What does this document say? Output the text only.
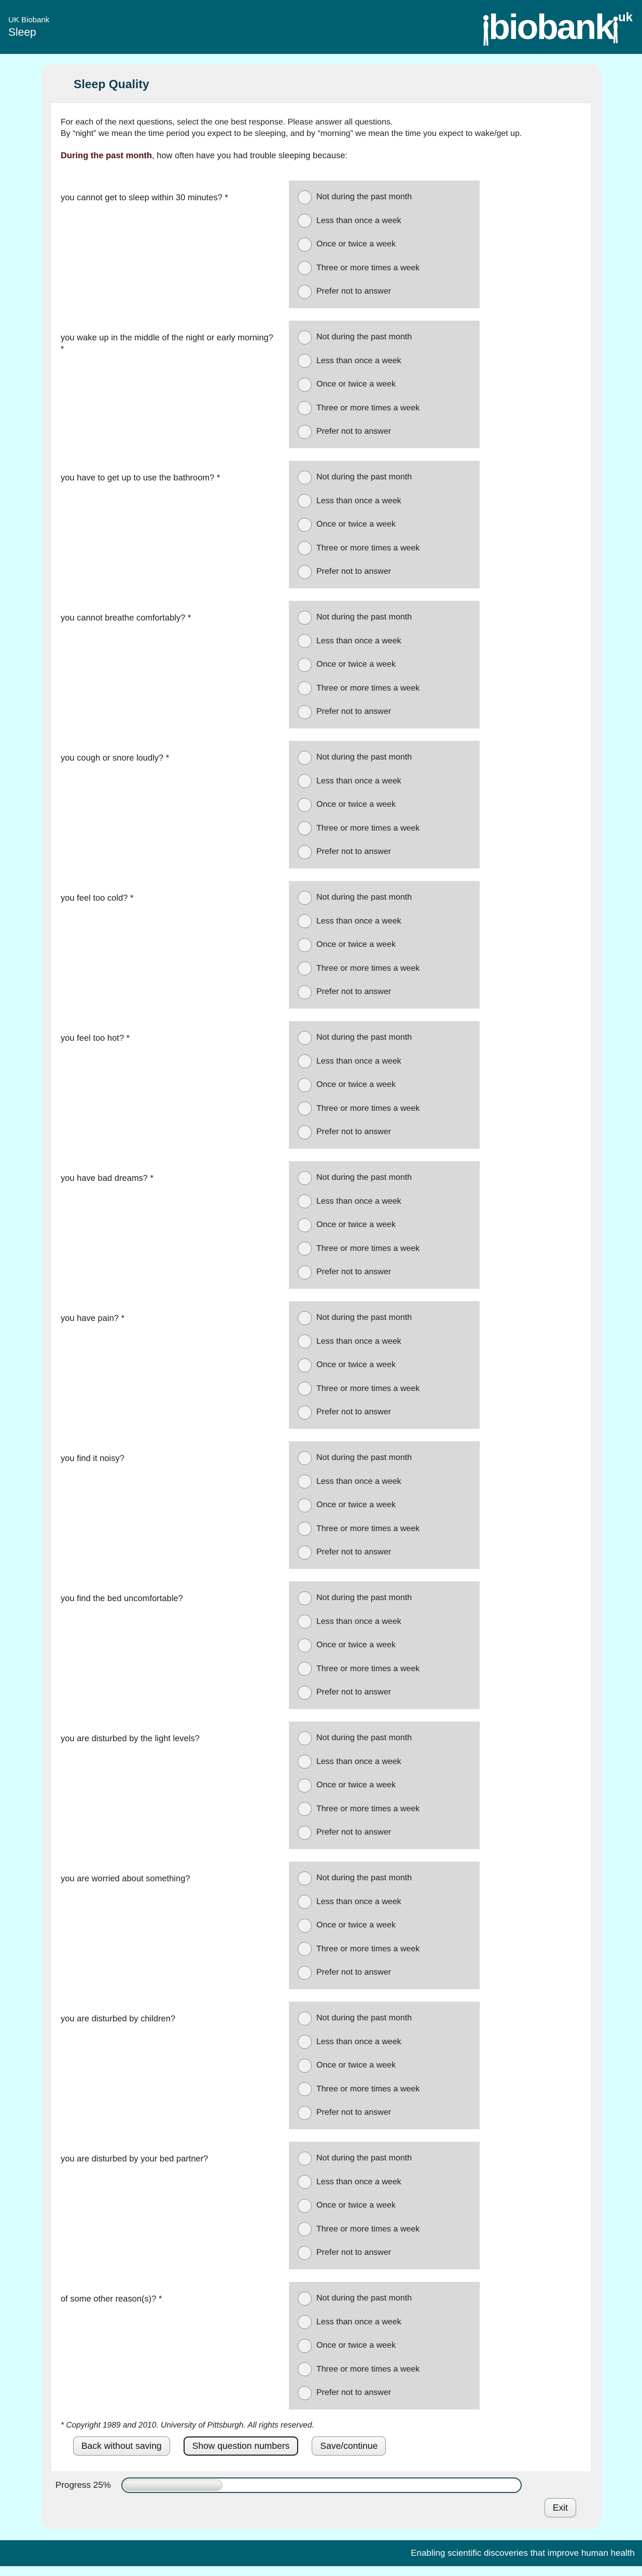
UK Biobank
Sleep	biobank uk
Sleep Quality
For each of the next questions, select the one best response. Please answer all questions.
By “night” we mean the time period you expect to be sleeping, and by “morning” we mean the time you expect to wake/get up.
During the past month, how often have you had trouble sleeping because:
you cannot get to sleep within 30 minutes? *	Not during the past month
Less than once a week
Once or twice a week
Three or more times a week
Prefer not to answer
you wake up in the middle of the night or early morning? *
Not during the past month
Less than once a week
Once or twice a week
Three or more times a week
Prefer not to answer
you have to get up to use the bathroom? *	Not during the past month
Less than once a week
Once or twice a week
Three or more times a week
Prefer not to answer
you cannot breathe comfortably? *	Not during the past month
Less than once a week
Once or twice a week
Three or more times a week
Prefer not to answer
you cough or snore loudly? *	Not during the past month
Less than once a week
Once or twice a week
Three or more times a week
Prefer not to answer
you feel too cold? *	Not during the past month
Less than once a week
Once or twice a week
Three or more times a week
Prefer not to answer
you feel too hot? *	Not during the past month
Less than once a week
Once or twice a week
Three or more times a week
Prefer not to answer
you have bad dreams? *	Not during the past month
Less than once a week
Once or twice a week
Three or more times a week
Prefer not to answer
you have pain? *	Not during the past month
Less than once a week
Once or twice a week
Three or more times a week
Prefer not to answer
you find it noisy?	Not during the past month
Less than once a week
Once or twice a week
Three or more times a week
Prefer not to answer
you find the bed uncomfortable?	Not during the past month
Less than once a week
Once or twice a week
Three or more times a week
Prefer not to answer
you are disturbed by the light levels?	Not during the past month
Less than once a week
Once or twice a week
Three or more times a week
Prefer not to answer
you are worried about something?	Not during the past month
Less than once a week
Once or twice a week
Three or more times a week
Prefer not to answer
you are disturbed by children?	Not during the past month
Less than once a week
Once or twice a week
Three or more times a week
Prefer not to answer
you are disturbed by your bed partner?	Not during the past month
Less than once a week
Once or twice a week
Three or more times a week
Prefer not to answer
of some other reason(s)? *	Not during the past month
Less than once a week
Once or twice a week
Three or more times a week
Prefer not to answer
* Copyright 1989 and 2010. University of Pittsburgh. All rights reserved.
Back without saving	Show question numbers	Save/continue
Progress 25%
Exit
Enabling scientific discoveries that improve human health
